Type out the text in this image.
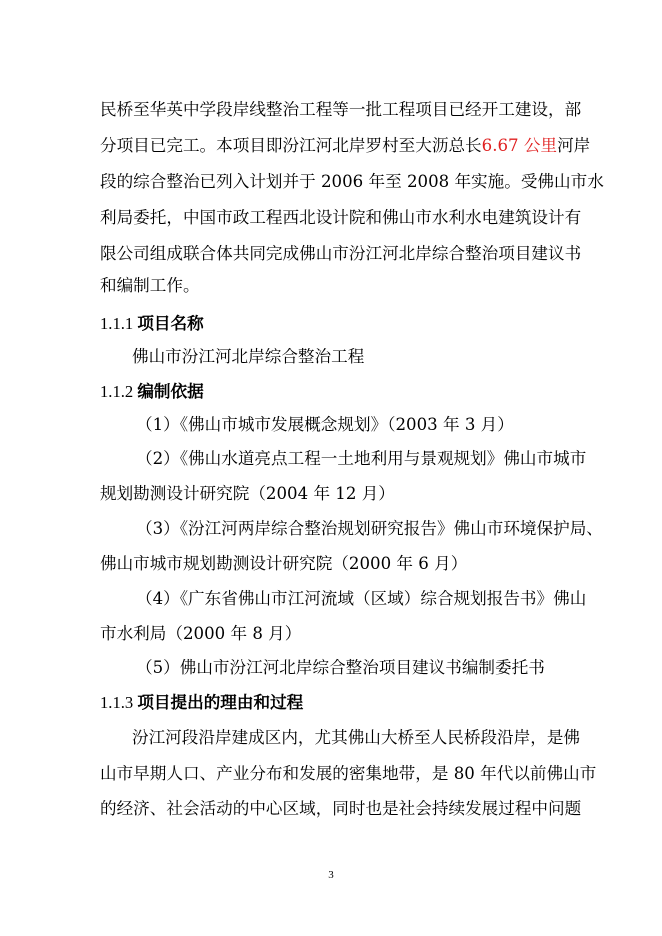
民桥至华英中学段岸线整治工程等一批工程项目已经开工建设，部
分项目已完工。本项目即汾江河北岸罗村至大沥总长6.67 公里河岸
段的综合整治已列入计划并于 2006 年至 2008 年实施。受佛山市水
利局委托，中国市政工程西北设计院和佛山市水利水电建筑设计有
限公司组成联合体共同完成佛山市汾江河北岸综合整治项目建议书
和编制工作。
1.1.1 项目名称
佛山市汾江河北岸综合整治工程
1.1.2 编制依据
（1）《佛山市城市发展概念规划》（2003 年 3 月）
（2）《佛山水道亮点工程一土地利用与景观规划》佛山市城市
规划勘测设计研究院（2004 年 12 月）
（3）《汾江河两岸综合整治规划研究报告》佛山市环境保护局、
佛山市城市规划勘测设计研究院（2000 年 6 月）
（4）《广东省佛山市江河流域（区域）综合规划报告书》佛山
市水利局（2000 年 8 月）
（5）佛山市汾江河北岸综合整治项目建议书编制委托书
1.1.3 项目提出的理由和过程
汾江河段沿岸建成区内，尤其佛山大桥至人民桥段沿岸，是佛
山市早期人口、产业分布和发展的密集地带，是 80 年代以前佛山市
的经济、社会活动的中心区域，同时也是社会持续发展过程中问题
3
